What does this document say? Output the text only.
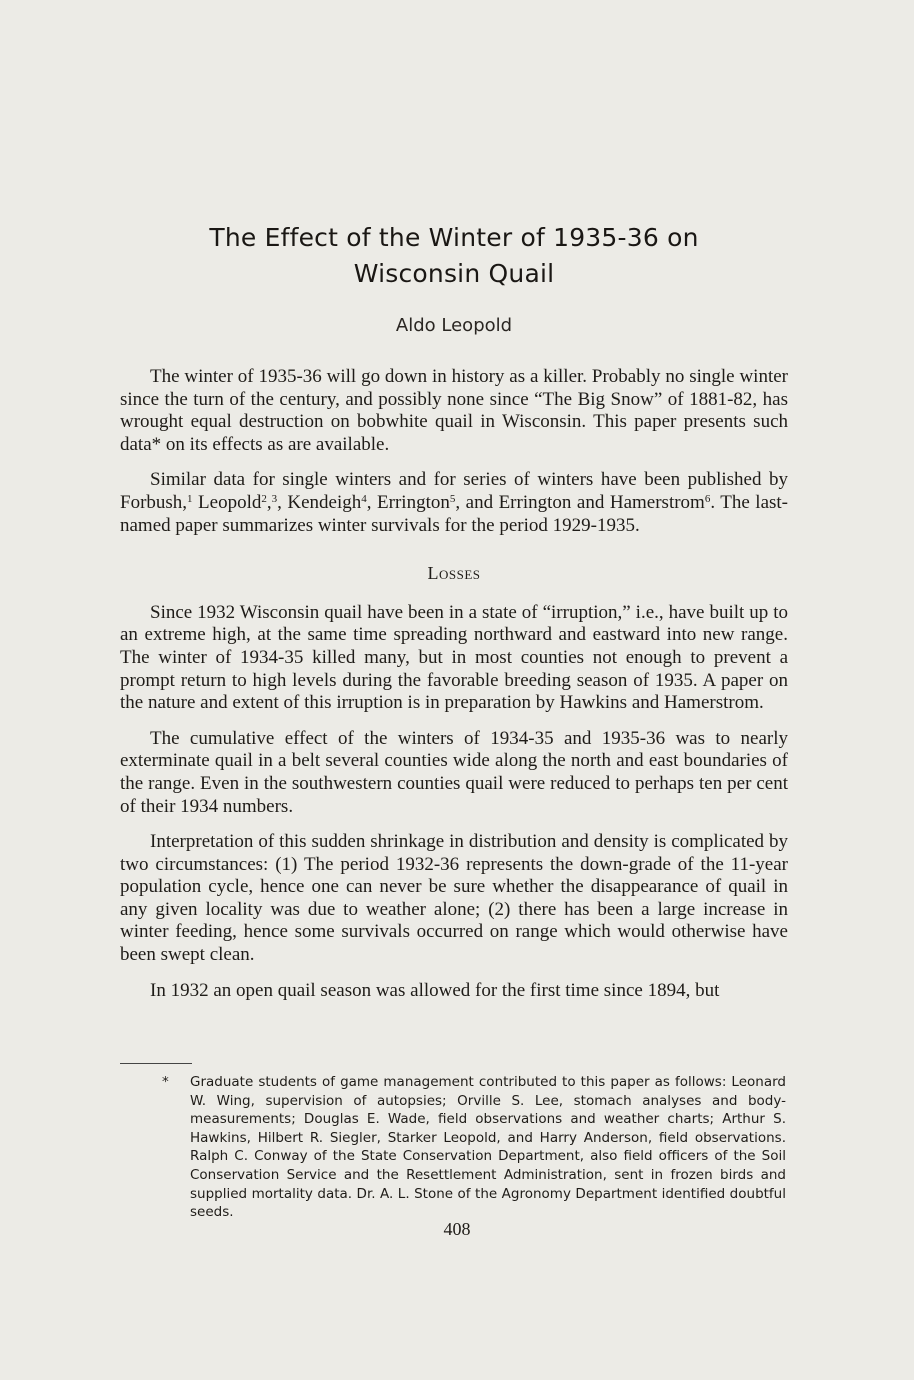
The Effect of the Winter of 1935-36 on
Wisconsin Quail
Aldo Leopold

The winter of 1935-36 will go down in history as a killer. Probably no single winter since the turn of the century, and possibly none since “The Big Snow” of 1881-82, has wrought equal destruction on bobwhite quail in Wisconsin. This paper presents such data* on its effects as are available.

Similar data for single winters and for series of winters have been published by Forbush,$^1$ Leopold$^2$,$^3$, Kendeigh$^4$, Errington$^5$, and Errington and Hamerstrom$^6$. The last-named paper summarizes winter survivals for the period 1929-1935.

Losses

Since 1932 Wisconsin quail have been in a state of “irruption,” i.e., have built up to an extreme high, at the same time spreading northward and eastward into new range. The winter of 1934-35 killed many, but in most counties not enough to prevent a prompt return to high levels during the favorable breeding season of 1935. A paper on the nature and extent of this irruption is in preparation by Hawkins and Hamerstrom.

The cumulative effect of the winters of 1934-35 and 1935-36 was to nearly exterminate quail in a belt several counties wide along the north and east boundaries of the range. Even in the southwestern counties quail were reduced to perhaps ten per cent of their 1934 numbers.

Interpretation of this sudden shrinkage in distribution and density is complicated by two circumstances: (1) The period 1932-36 represents the down-grade of the 11-year population cycle, hence one can never be sure whether the disappearance of quail in any given locality was due to weather alone; (2) there has been a large increase in winter feeding, hence some survivals occurred on range which would otherwise have been swept clean.

In 1932 an open quail season was allowed for the first time since 1894, but

* Graduate students of game management contributed to this paper as follows: Leonard W. Wing, supervision of autopsies; Orville S. Lee, stomach analyses and body-measurements; Douglas E. Wade, field observations and weather charts; Arthur S. Hawkins, Hilbert R. Siegler, Starker Leopold, and Harry Anderson, field observations. Ralph C. Conway of the State Conservation Department, also field officers of the Soil Conservation Service and the Resettlement Administration, sent in frozen birds and supplied mortality data. Dr. A. L. Stone of the Agronomy Department identified doubtful seeds.
408
